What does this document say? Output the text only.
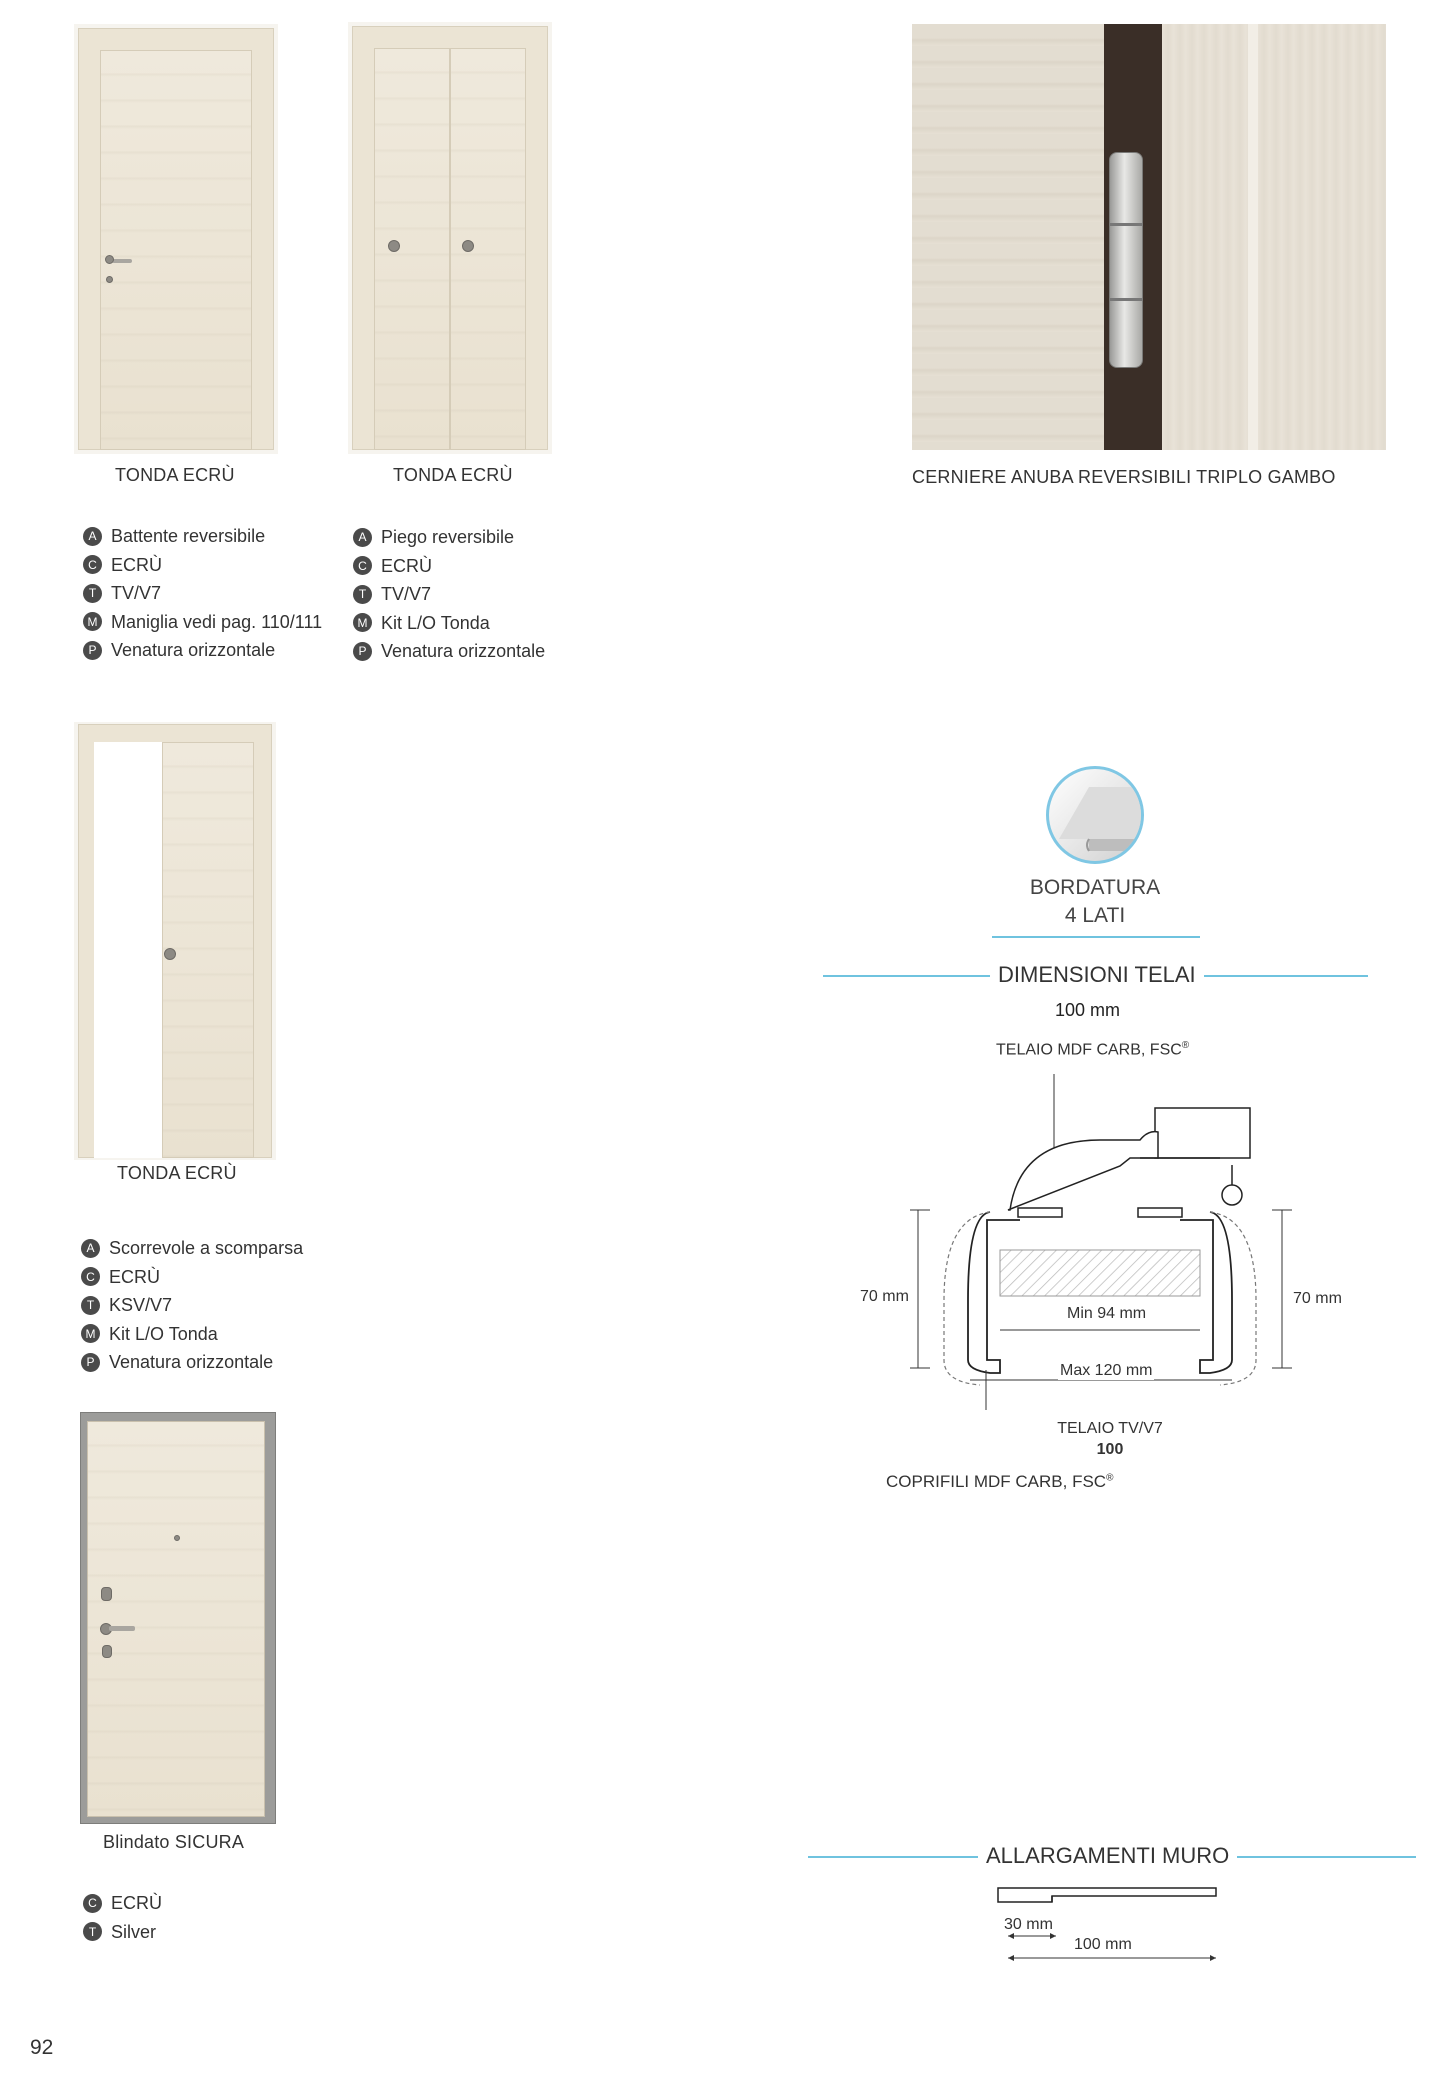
TONDA ECRÙ	TONDA ECRÙ	CERNIERE ANUBA REVERSIBILI TRIPLO GAMBO
A Battente reversibile
C ECRÙ
T TV/V7
M Maniglia vedi pag. 110/111
P Venatura orizzontale
A Piego reversibile
C ECRÙ
T TV/V7
M Kit L/O Tonda
P Venatura orizzontale
TONDA ECRÙ
A Scorrevole a scomparsa
C ECRÙ
T KSV/V7
M Kit L/O Tonda
P Venatura orizzontale
Blindato SICURA
C ECRÙ
T Silver
BORDATURA
4 LATI
DIMENSIONI TELAI
100 mm
TELAIO MDF CARB, FSC®
70 mm	70 mm
Min 94 mm
Max 120 mm
TELAIO TV/V7
100
COPRIFILI MDF CARB, FSC®
ALLARGAMENTI MURO
30 mm
100 mm
92
